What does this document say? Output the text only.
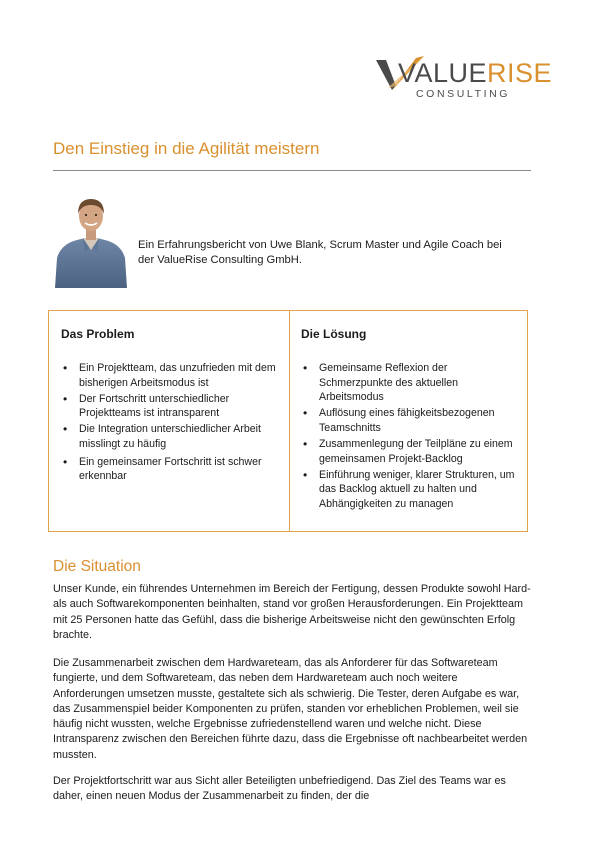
VALUERISE
CONSULTING
Den Einstieg in die Agilität meistern

Ein Erfahrungsbericht von Uwe Blank, Scrum Master und Agile Coach bei der ValueRise Consulting GmbH.

Das Problem
• Ein Projektteam, das unzufrieden mit dem bisherigen Arbeitsmodus ist
• Der Fortschritt unterschiedlicher Projektteams ist intransparent
• Die Integration unterschiedlicher Arbeit misslingt zu häufig
• Ein gemeinsamer Fortschritt ist schwer erkennbar
Die Lösung
• Gemeinsame Reflexion der Schmerzpunkte des aktuellen Arbeitsmodus
• Auflösung eines fähigkeitsbezogenen Teamschnitts
• Zusammenlegung der Teilpläne zu einem gemeinsamen Projekt-Backlog
• Einführung weniger, klarer Strukturen, um das Backlog aktuell zu halten und Abhängigkeiten zu managen
Die Situation

Unser Kunde, ein führendes Unternehmen im Bereich der Fertigung, dessen Produkte sowohl Hard- als auch Softwarekomponenten beinhalten, stand vor großen Herausforderungen. Ein Projektteam mit 25 Personen hatte das Gefühl, dass die bisherige Arbeitsweise nicht den gewünschten Erfolg brachte.

Die Zusammenarbeit zwischen dem Hardwareteam, das als Anforderer für das Softwareteam fungierte, und dem Softwareteam, das neben dem Hardwareteam auch noch weitere Anforderungen umsetzen musste, gestaltete sich als schwierig. Die Tester, deren Aufgabe es war, das Zusammenspiel beider Komponenten zu prüfen, standen vor erheblichen Problemen, weil sie häufig nicht wussten, welche Ergebnisse zufriedenstellend waren und welche nicht. Diese Intransparenz zwischen den Bereichen führte dazu, dass die Ergebnisse oft nachbearbeitet werden mussten.

Der Projektfortschritt war aus Sicht aller Beteiligten unbefriedigend. Das Ziel des Teams war es daher, einen neuen Modus der Zusammenarbeit zu finden, der die
